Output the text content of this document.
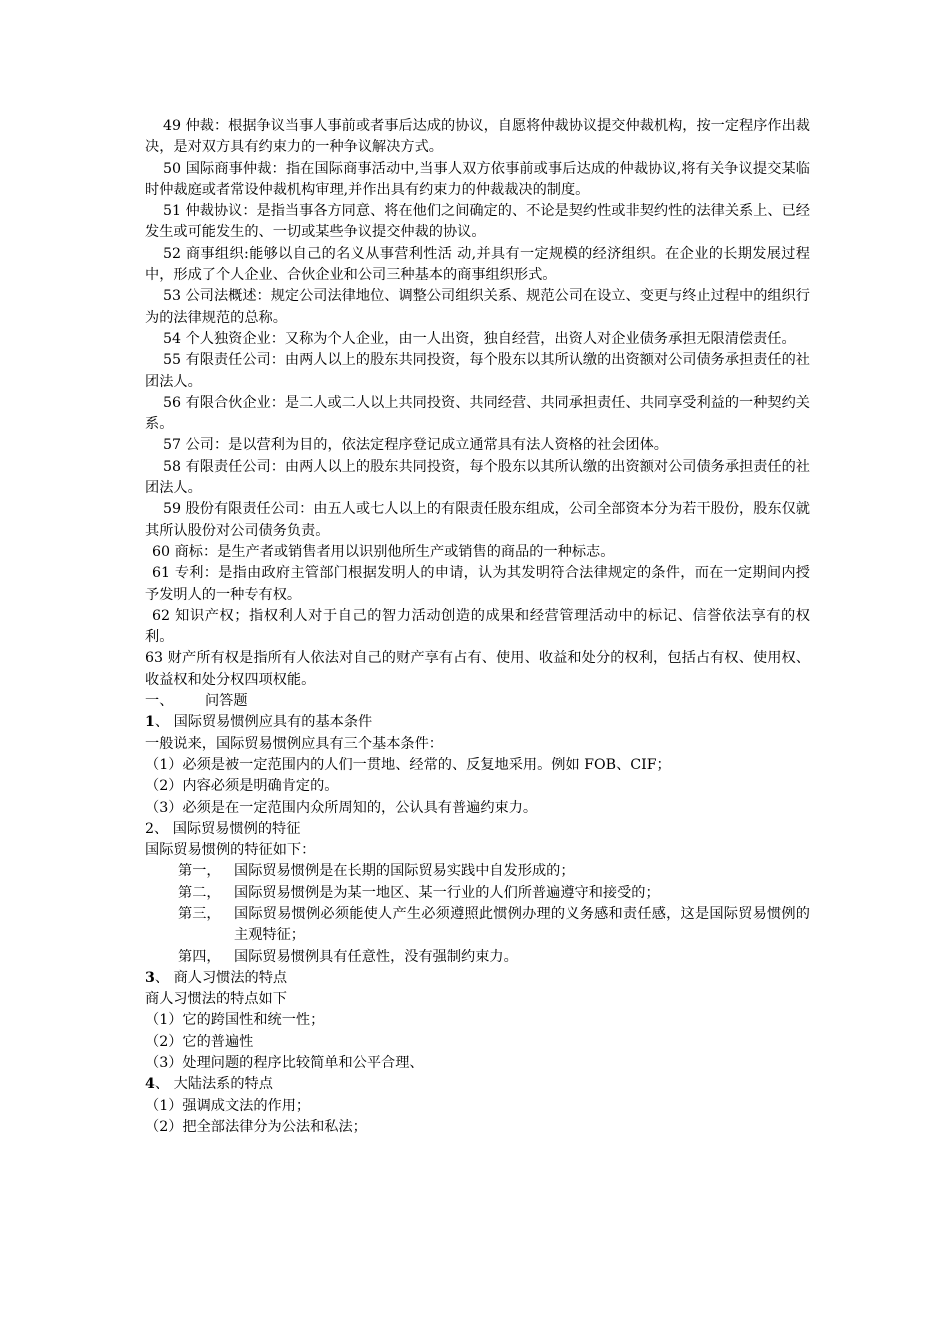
49 仲裁：根据争议当事人事前或者事后达成的协议，自愿将仲裁协议提交仲裁机构，按一定程序作出裁决，是对双方具有约束力的一种争议解决方式。

50 国际商事仲裁：指在国际商事活动中,当事人双方依事前或事后达成的仲裁协议,将有关争议提交某临时仲裁庭或者常设仲裁机构审理,并作出具有约束力的仲裁裁决的制度。

51 仲裁协议：是指当事各方同意、将在他们之间确定的、不论是契约性或非契约性的法律关系上、已经发生或可能发生的、一切或某些争议提交仲裁的协议。

52 商事组织:能够以自己的名义从事营利性活 动,并具有一定规模的经济组织。在企业的长期发展过程中，形成了个人企业、合伙企业和公司三种基本的商事组织形式。

53 公司法概述：规定公司法律地位、调整公司组织关系、规范公司在设立、变更与终止过程中的组织行为的法律规范的总称。

54 个人独资企业：又称为个人企业，由一人出资，独自经营，出资人对企业债务承担无限清偿责任。

55 有限责任公司：由两人以上的股东共同投资，每个股东以其所认缴的出资额对公司债务承担责任的社团法人。

56 有限合伙企业：是二人或二人以上共同投资、共同经营、共同承担责任、共同享受利益的一种契约关系。

57 公司：是以营利为目的，依法定程序登记成立通常具有法人资格的社会团体。

58 有限责任公司：由两人以上的股东共同投资，每个股东以其所认缴的出资额对公司债务承担责任的社团法人。

59 股份有限责任公司：由五人或七人以上的有限责任股东组成，公司全部资本分为若干股份，股东仅就其所认股份对公司债务负责。

60 商标：是生产者或销售者用以识别他所生产或销售的商品的一种标志。

61 专利：是指由政府主管部门根据发明人的申请，认为其发明符合法律规定的条件，而在一定期间内授予发明人的一种专有权。

62 知识产权；指权利人对于自己的智力活动创造的成果和经营管理活动中的标记、信誉依法享有的权利。

63 财产所有权是指所有人依法对自己的财产享有占有、使用、收益和处分的权利，包括占有权、使用权、收益权和处分权四项权能。

一、 问答题

1、 国际贸易惯例应具有的基本条件

一般说来，国际贸易惯例应具有三个基本条件：

（1）必须是被一定范围内的人们一贯地、经常的、反复地采用。例如 FOB、CIF；

（2）内容必须是明确肯定的。

（3）必须是在一定范围内众所周知的，公认具有普遍约束力。

2、 国际贸易惯例的特征

国际贸易惯例的特征如下：

第一， 国际贸易惯例是在长期的国际贸易实践中自发形成的；
第二， 国际贸易惯例是为某一地区、某一行业的人们所普遍遵守和接受的；
第三， 国际贸易惯例必须能使人产生必须遵照此惯例办理的义务感和责任感，这是国际贸易惯例的主观特征；
第四， 国际贸易惯例具有任意性，没有强制约束力。

3、 商人习惯法的特点

商人习惯法的特点如下

（1）它的跨国性和统一性；

（2）它的普遍性

（3）处理问题的程序比较简单和公平合理、

4、 大陆法系的特点

（1）强调成文法的作用；

（2）把全部法律分为公法和私法；
